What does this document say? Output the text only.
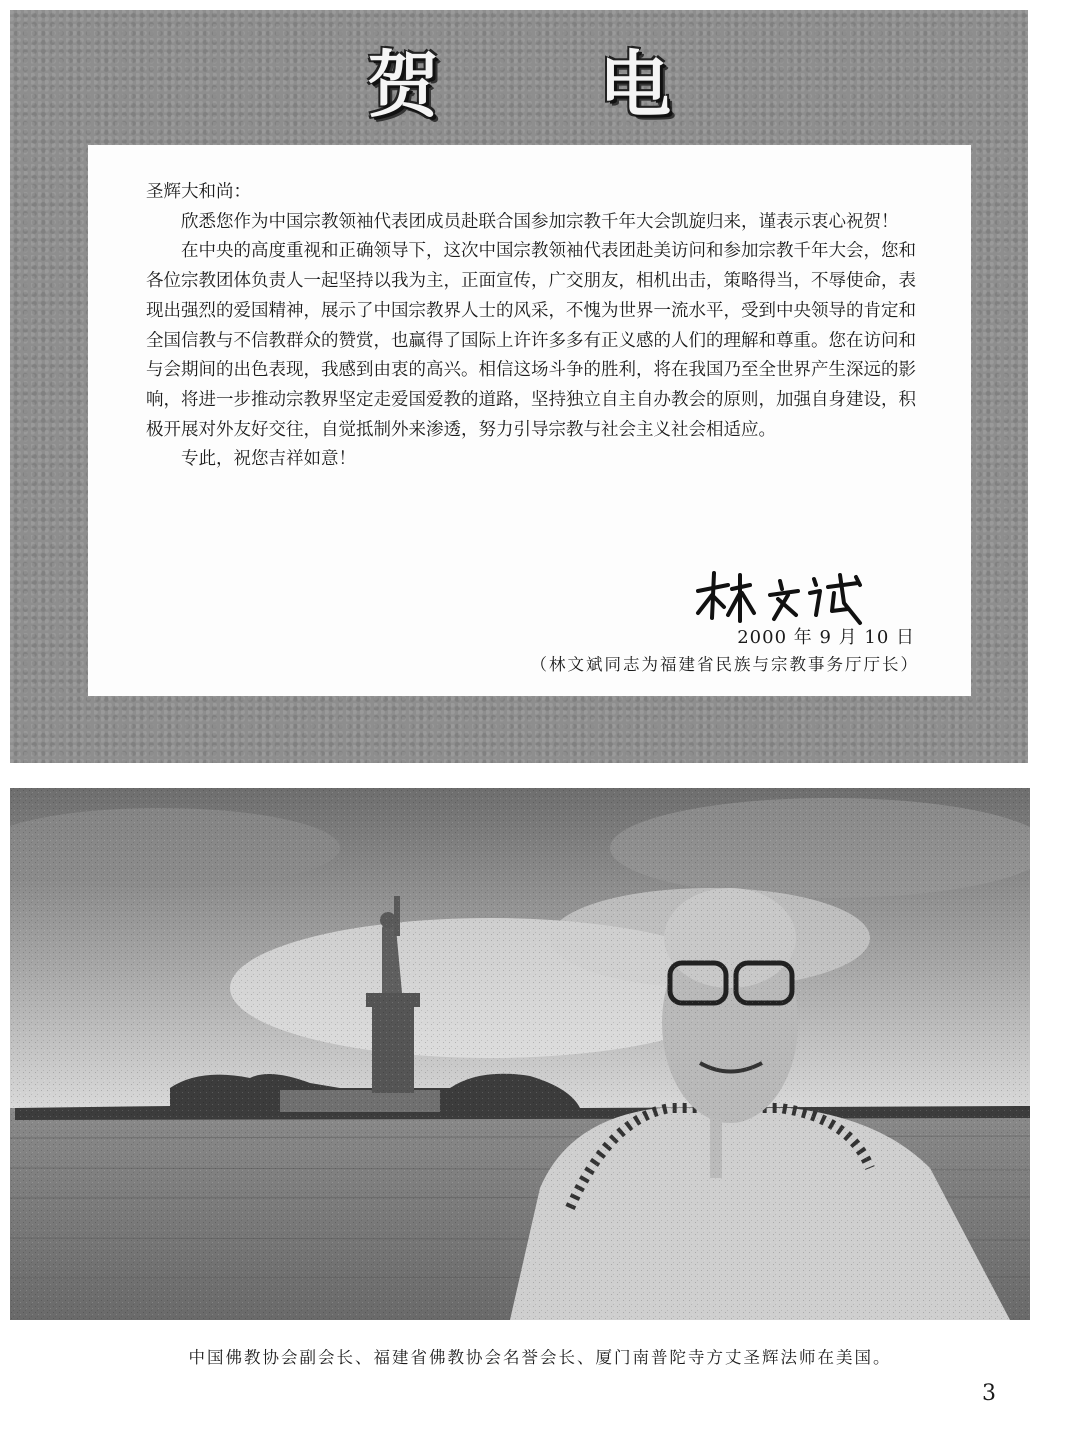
贺 电

圣辉大和尚：

欣悉您作为中国宗教领袖代表团成员赴联合国参加宗教千年大会凯旋归来，谨表示衷心祝贺！

在中央的高度重视和正确领导下，这次中国宗教领袖代表团赴美访问和参加宗教千年大会，您和各位宗教团体负责人一起坚持以我为主，正面宣传，广交朋友，相机出击，策略得当，不辱使命，表现出强烈的爱国精神，展示了中国宗教界人士的风采，不愧为世界一流水平，受到中央领导的肯定和全国信教与不信教群众的赞赏，也赢得了国际上许许多多有正义感的人们的理解和尊重。您在访问和与会期间的出色表现，我感到由衷的高兴。相信这场斗争的胜利，将在我国乃至全世界产生深远的影响，将进一步推动宗教界坚定走爱国爱教的道路，坚持独立自主自办教会的原则，加强自身建设，积极开展对外友好交往，自觉抵制外来渗透，努力引导宗教与社会主义社会相适应。

专此，祝您吉祥如意！

2000 年 9 月 10 日
（林文斌同志为福建省民族与宗教事务厅厅长）
中国佛教协会副会长、福建省佛教协会名誉会长、厦门南普陀寺方丈圣辉法师在美国。
3
